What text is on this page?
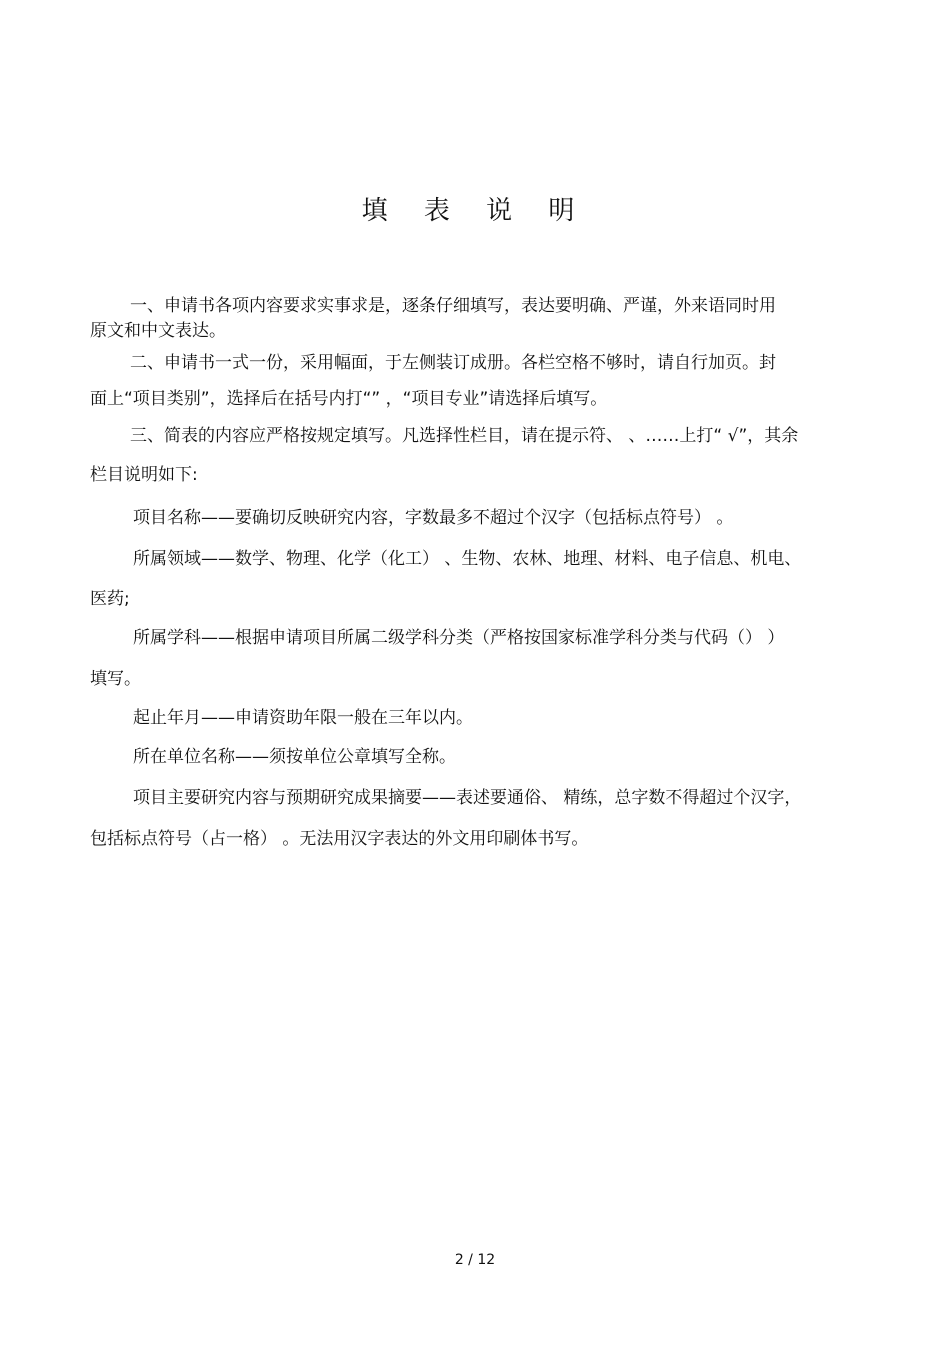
填 表 说 明
一、申请书各项内容要求实事求是，逐条仔细填写，表达要明确、严谨，外来语同时用
原文和中文表达。
二、申请书一式一份，采用幅面，于左侧装订成册。各栏空格不够时，请自行加页。封
面上“项目类别”，选择后在括号内打“” ，“项目专业”请选择后填写。
三、简表的内容应严格按规定填写。凡选择性栏目，请在提示符、 、……上打“ √”，其余
栏目说明如下:
项目名称——要确切反映研究内容，字数最多不超过个汉字（包括标点符号） 。
所属领域——数学、物理、化学（化工） 、生物、农林、地理、材料、电子信息、机电、
医药;
所属学科——根据申请项目所属二级学科分类（严格按国家标准学科分类与代码（） ）
填写。
起止年月——申请资助年限一般在三年以内。
所在单位名称——须按单位公章填写全称。
项目主要研究内容与预期研究成果摘要——表述要通俗、 精练，总字数不得超过个汉字，
包括标点符号（占一格） 。无法用汉字表达的外文用印刷体书写。
2 / 12
